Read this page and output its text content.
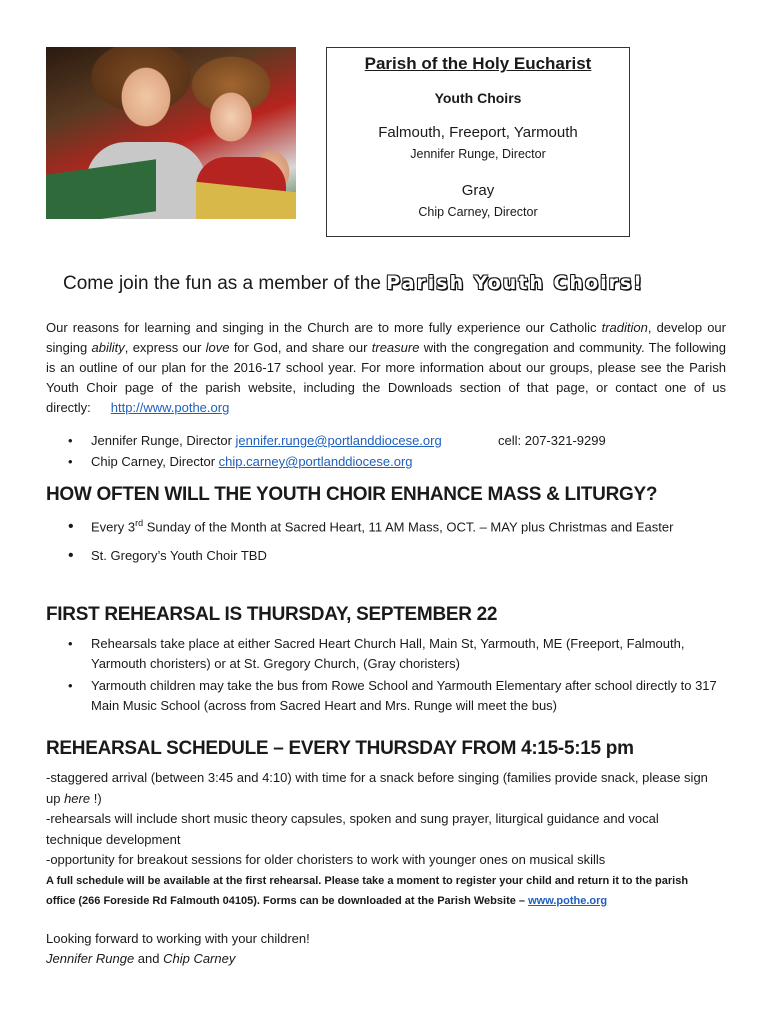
Parish of the Holy Eucharist
Youth Choirs
Falmouth, Freeport, Yarmouth
Jennifer Runge, Director
Gray
Chip Carney, Director
Come join the fun as a member of the Parish Youth Choirs!
Our reasons for learning and singing in the Church are to more fully experience our Catholic tradition, develop our singing ability, express our love for God, and share our treasure with the congregation and community. The following is an outline of our plan for the 2016-17 school year. For more information about our groups, please see the Parish Youth Choir page of the parish website, including the Downloads section of that page, or contact one of us directly: http://www.pothe.org
• Jennifer Runge, Director jennifer.runge@portlanddiocese.org	cell: 207-321-9299
• Chip Carney, Director chip.carney@portlanddiocese.org
HOW OFTEN WILL THE YOUTH CHOIR ENHANCE MASS & LITURGY?
• Every 3rd Sunday of the Month at Sacred Heart, 11 AM Mass, OCT. – MAY plus Christmas and Easter
• St. Gregory’s Youth Choir TBD
FIRST REHEARSAL IS THURSDAY, SEPTEMBER 22
•	Rehearsals take place at either Sacred Heart Church Hall, Main St, Yarmouth, ME (Freeport, Falmouth, Yarmouth choristers) or at St. Gregory Church, (Gray choristers)
•	Yarmouth children may take the bus from Rowe School and Yarmouth Elementary after school directly to 317 Main Music School (across from Sacred Heart and Mrs. Runge will meet the bus)
REHEARSAL SCHEDULE – EVERY THURSDAY FROM 4:15-5:15 pm
-staggered arrival (between 3:45 and 4:10) with time for a snack before singing (families provide snack, please sign up here !)
-rehearsals will include short music theory capsules, spoken and sung prayer, liturgical guidance and vocal technique development
-opportunity for breakout sessions for older choristers to work with younger ones on musical skills
A full schedule will be available at the first rehearsal. Please take a moment to register your child and return it to the parish office (266 Foreside Rd Falmouth 04105). Forms can be downloaded at the Parish Website – www.pothe.org
Looking forward to working with your children!
Jennifer Runge and Chip Carney
